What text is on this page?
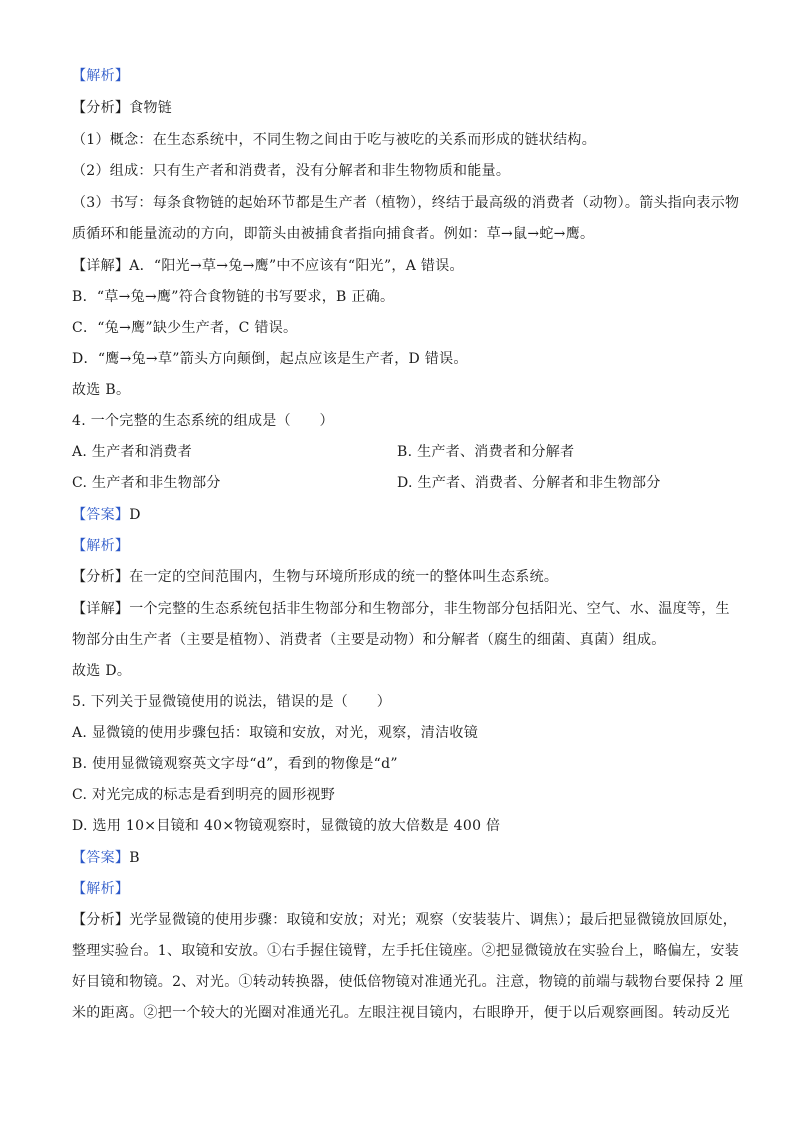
【解析】
【分析】食物链
（1）概念：在生态系统中，不同生物之间由于吃与被吃的关系而形成的链状结构。
（2）组成：只有生产者和消费者，没有分解者和非生物物质和能量。
（3）书写：每条食物链的起始环节都是生产者（植物），终结于最高级的消费者（动物）。箭头指向表示物
质循环和能量流动的方向，即箭头由被捕食者指向捕食者。例如：草→鼠→蛇→鹰。
【详解】A．“阳光→草→兔→鹰”中不应该有“阳光”，A 错误。
B．“草→兔→鹰”符合食物链的书写要求，B 正确。
C．“兔→鹰”缺少生产者，C 错误。
D．“鹰→兔→草”箭头方向颠倒，起点应该是生产者，D 错误。
故选 B。
4. 一个完整的生态系统的组成是（　　）
A. 生产者和消费者	B. 生产者、消费者和分解者
C. 生产者和非生物部分	D. 生产者、消费者、分解者和非生物部分
【答案】D
【解析】
【分析】在一定的空间范围内，生物与环境所形成的统一的整体叫生态系统。
【详解】一个完整的生态系统包括非生物部分和生物部分，非生物部分包括阳光、空气、水、温度等，生
物部分由生产者（主要是植物）、消费者（主要是动物）和分解者（腐生的细菌、真菌）组成。
故选 D。
5. 下列关于显微镜使用的说法，错误的是（　　）
A. 显微镜的使用步骤包括：取镜和安放，对光，观察，清洁收镜
B. 使用显微镜观察英文字母“d”，看到的物像是“d”
C. 对光完成的标志是看到明亮的圆形视野
D. 选用 10×目镜和 40×物镜观察时，显微镜的放大倍数是 400 倍
【答案】B
【解析】
【分析】光学显微镜的使用步骤：取镜和安放；对光；观察（安装装片、调焦）；最后把显微镜放回原处，
整理实验台。1、取镜和安放。①右手握住镜臂，左手托住镜座。②把显微镜放在实验台上，略偏左，安装
好目镜和物镜。2、对光。①转动转换器，使低倍物镜对准通光孔。注意，物镜的前端与载物台要保持 2 厘
米的距离。②把一个较大的光圈对准通光孔。左眼注视目镜内，右眼睁开，便于以后观察画图。转动反光
